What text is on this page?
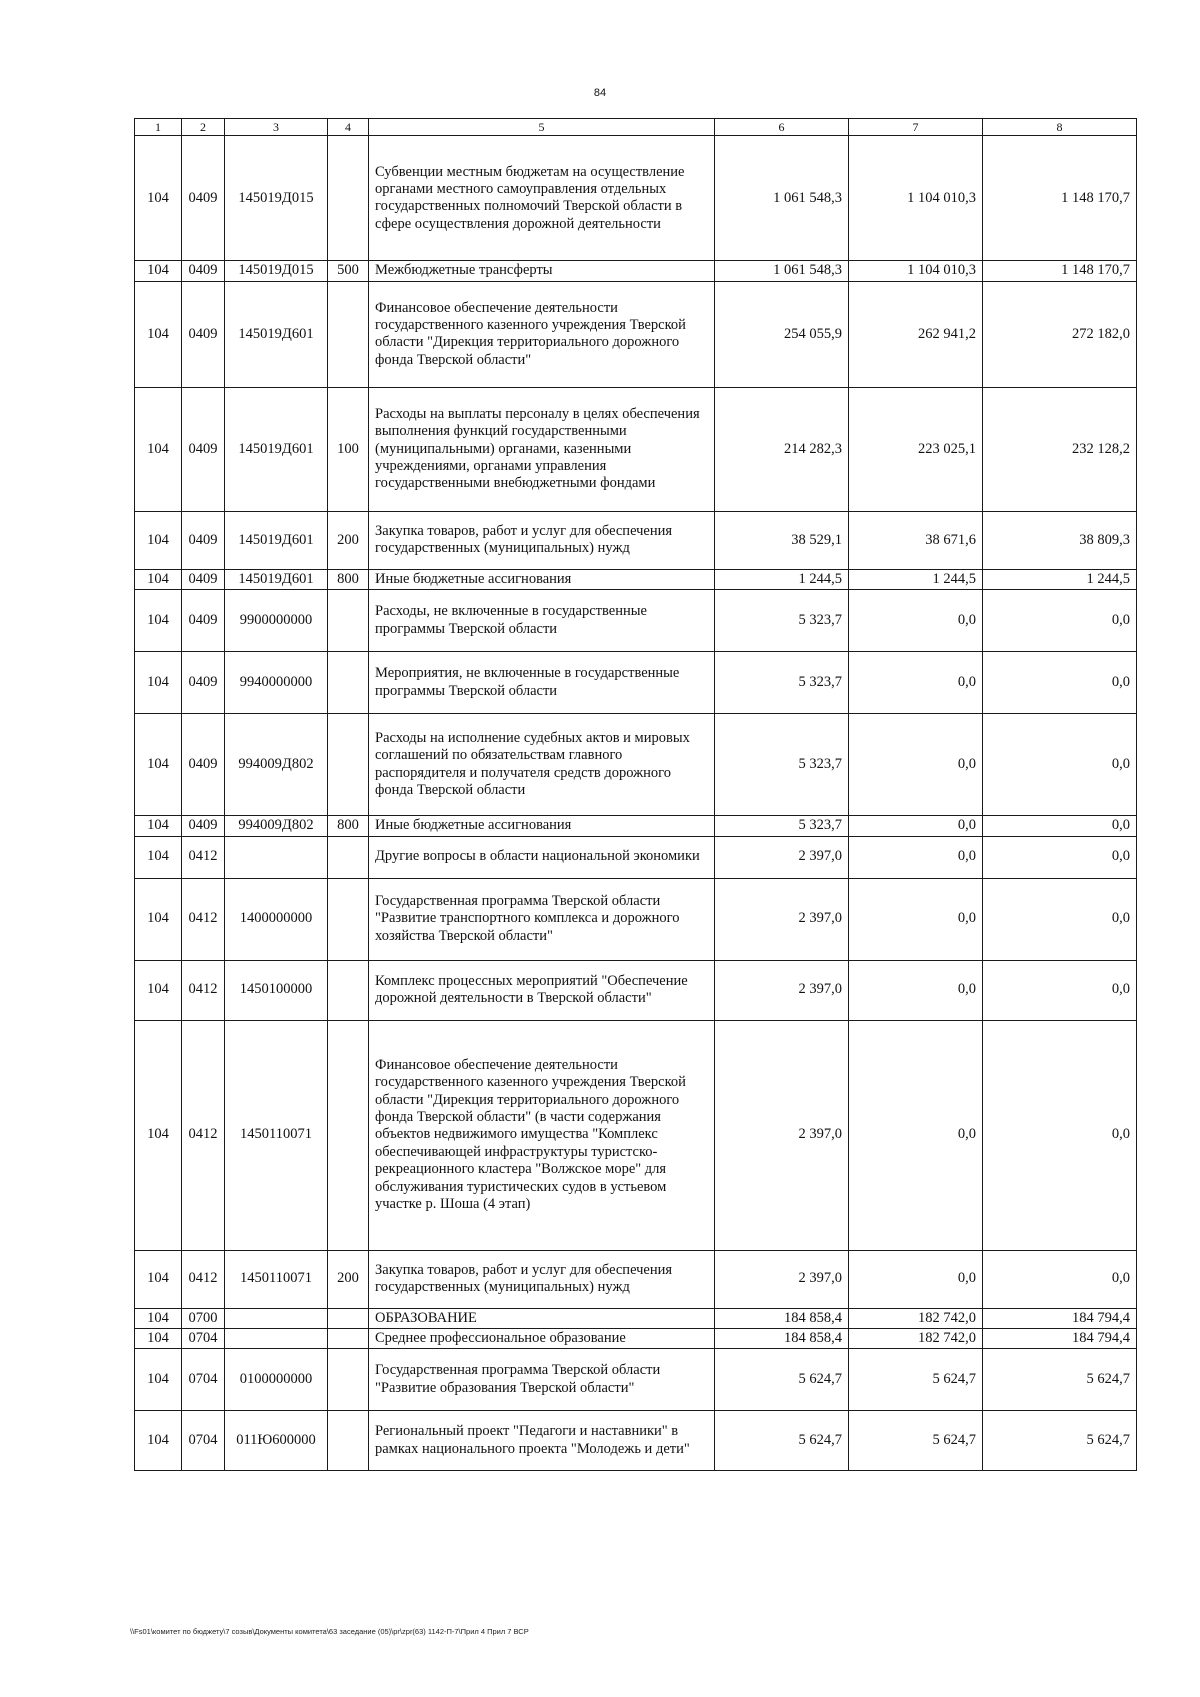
84
1	2	3	4	5	6	7	8
104	0409	145019Д015		Субвенции местным бюджетам на осуществление органами местного самоуправления отдельных государственных полномочий Тверской области в сфере осуществления дорожной деятельности	1 061 548,3	1 104 010,3	1 148 170,7
104	0409	145019Д015	500	Межбюджетные трансферты	1 061 548,3	1 104 010,3	1 148 170,7
104	0409	145019Д601		Финансовое обеспечение деятельности государственного казенного учреждения Тверской области "Дирекция территориального дорожного фонда Тверской области"	254 055,9	262 941,2	272 182,0
104	0409	145019Д601	100	Расходы на выплаты персоналу в целях обеспечения выполнения функций государственными (муниципальными) органами, казенными учреждениями, органами управления государственными внебюджетными фондами	214 282,3	223 025,1	232 128,2
104	0409	145019Д601	200	Закупка товаров, работ и услуг для обеспечения государственных (муниципальных) нужд	38 529,1	38 671,6	38 809,3
104	0409	145019Д601	800	Иные бюджетные ассигнования	1 244,5	1 244,5	1 244,5
104	0409	9900000000		Расходы, не включенные в государственные программы Тверской области	5 323,7	0,0	0,0
104	0409	9940000000		Мероприятия, не включенные в государственные программы Тверской области	5 323,7	0,0	0,0
104	0409	994009Д802		Расходы на исполнение судебных актов и мировых соглашений по обязательствам главного распорядителя и получателя средств дорожного фонда Тверской области	5 323,7	0,0	0,0
104	0409	994009Д802	800	Иные бюджетные ассигнования	5 323,7	0,0	0,0
104	0412			Другие вопросы в области национальной экономики	2 397,0	0,0	0,0
104	0412	1400000000		Государственная программа Тверской области "Развитие транспортного комплекса и дорожного хозяйства Тверской области"	2 397,0	0,0	0,0
104	0412	1450100000		Комплекс процессных мероприятий "Обеспечение дорожной деятельности в Тверской области"	2 397,0	0,0	0,0
104	0412	1450110071		Финансовое обеспечение деятельности государственного казенного учреждения Тверской области "Дирекция территориального дорожного фонда Тверской области" (в части содержания объектов недвижимого имущества "Комплекс обеспечивающей инфраструктуры туристско-рекреационного кластера "Волжское море" для обслуживания туристических судов в устьевом участке р. Шоша (4 этап)	2 397,0	0,0	0,0
104	0412	1450110071	200	Закупка товаров, работ и услуг для обеспечения государственных (муниципальных) нужд	2 397,0	0,0	0,0
104	0700			ОБРАЗОВАНИЕ	184 858,4	182 742,0	184 794,4
104	0704			Среднее профессиональное образование	184 858,4	182 742,0	184 794,4
104	0704	0100000000		Государственная программа Тверской области "Развитие образования Тверской области"	5 624,7	5 624,7	5 624,7
104	0704	011Ю600000		Региональный проект "Педагоги и наставники" в рамках национального проекта "Молодежь и дети"	5 624,7	5 624,7	5 624,7
\\Fs01\комитет по бюджету\7 созыв\Документы комитета\63 заседание (05)\pr\zpr(63) 1142-П-7\Прил 4 Прил 7 ВСР
